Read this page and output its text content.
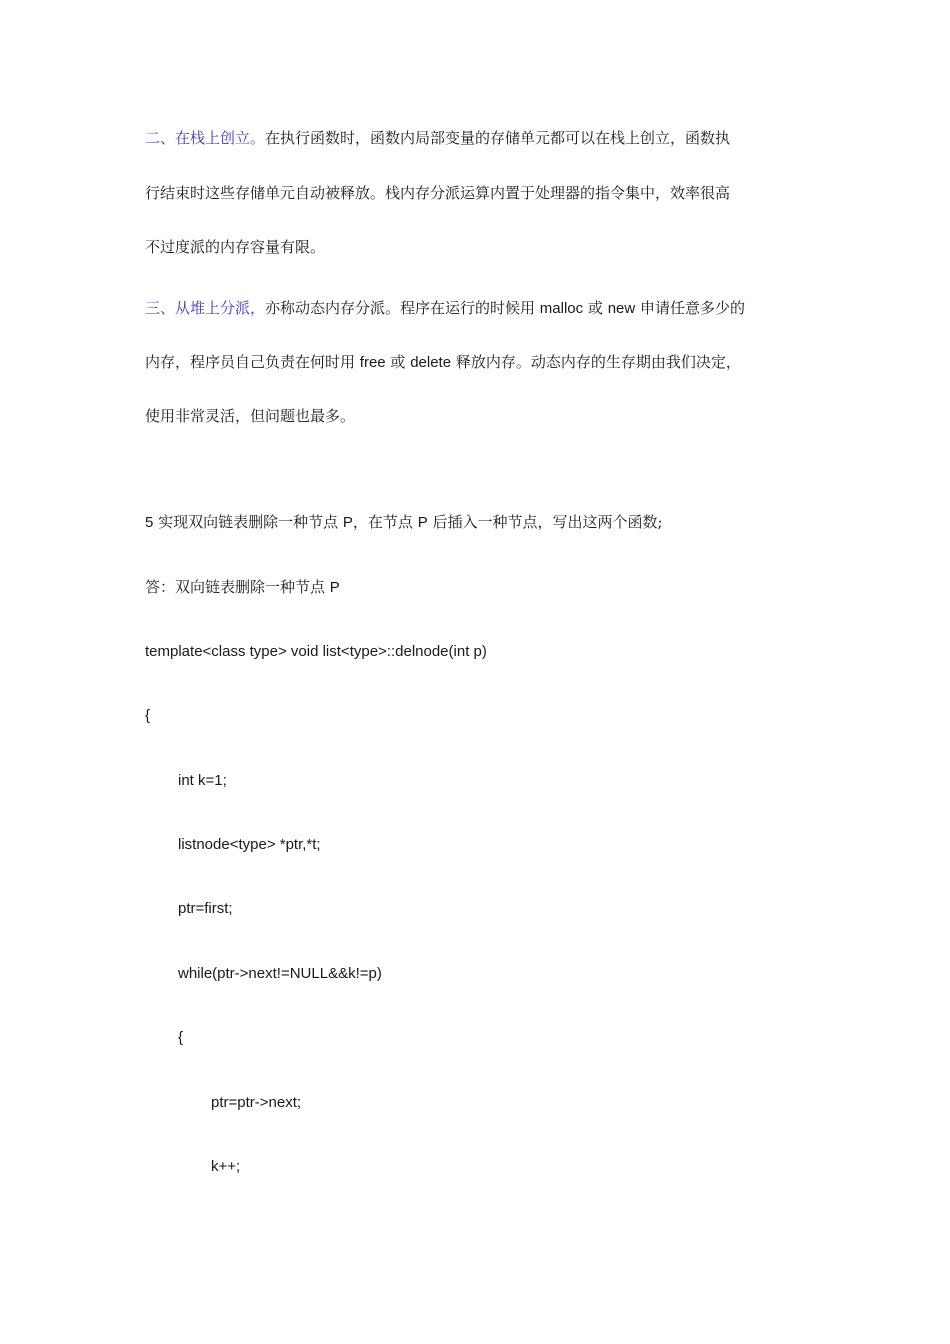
二、在栈上创立。在执行函数时，函数内局部变量的存储单元都可以在栈上创立，函数执
行结束时这些存储单元自动被释放。栈内存分派运算内置于处理器的指令集中，效率很高
不过度派的内存容量有限。
三、从堆上分派，亦称动态内存分派。程序在运行的时候用 malloc 或 new 申请任意多少的
内存，程序员自己负责在何时用 free 或 delete 释放内存。动态内存的生存期由我们决定，
使用非常灵活，但问题也最多。
5 实现双向链表删除一种节点 P，在节点 P 后插入一种节点，写出这两个函数;
答：双向链表删除一种节点 P
template<class type> void list<type>::delnode(int p)
{
int k=1;
listnode<type> *ptr,*t;
ptr=first;
while(ptr->next!=NULL&&k!=p)
{
ptr=ptr->next;
k++;
